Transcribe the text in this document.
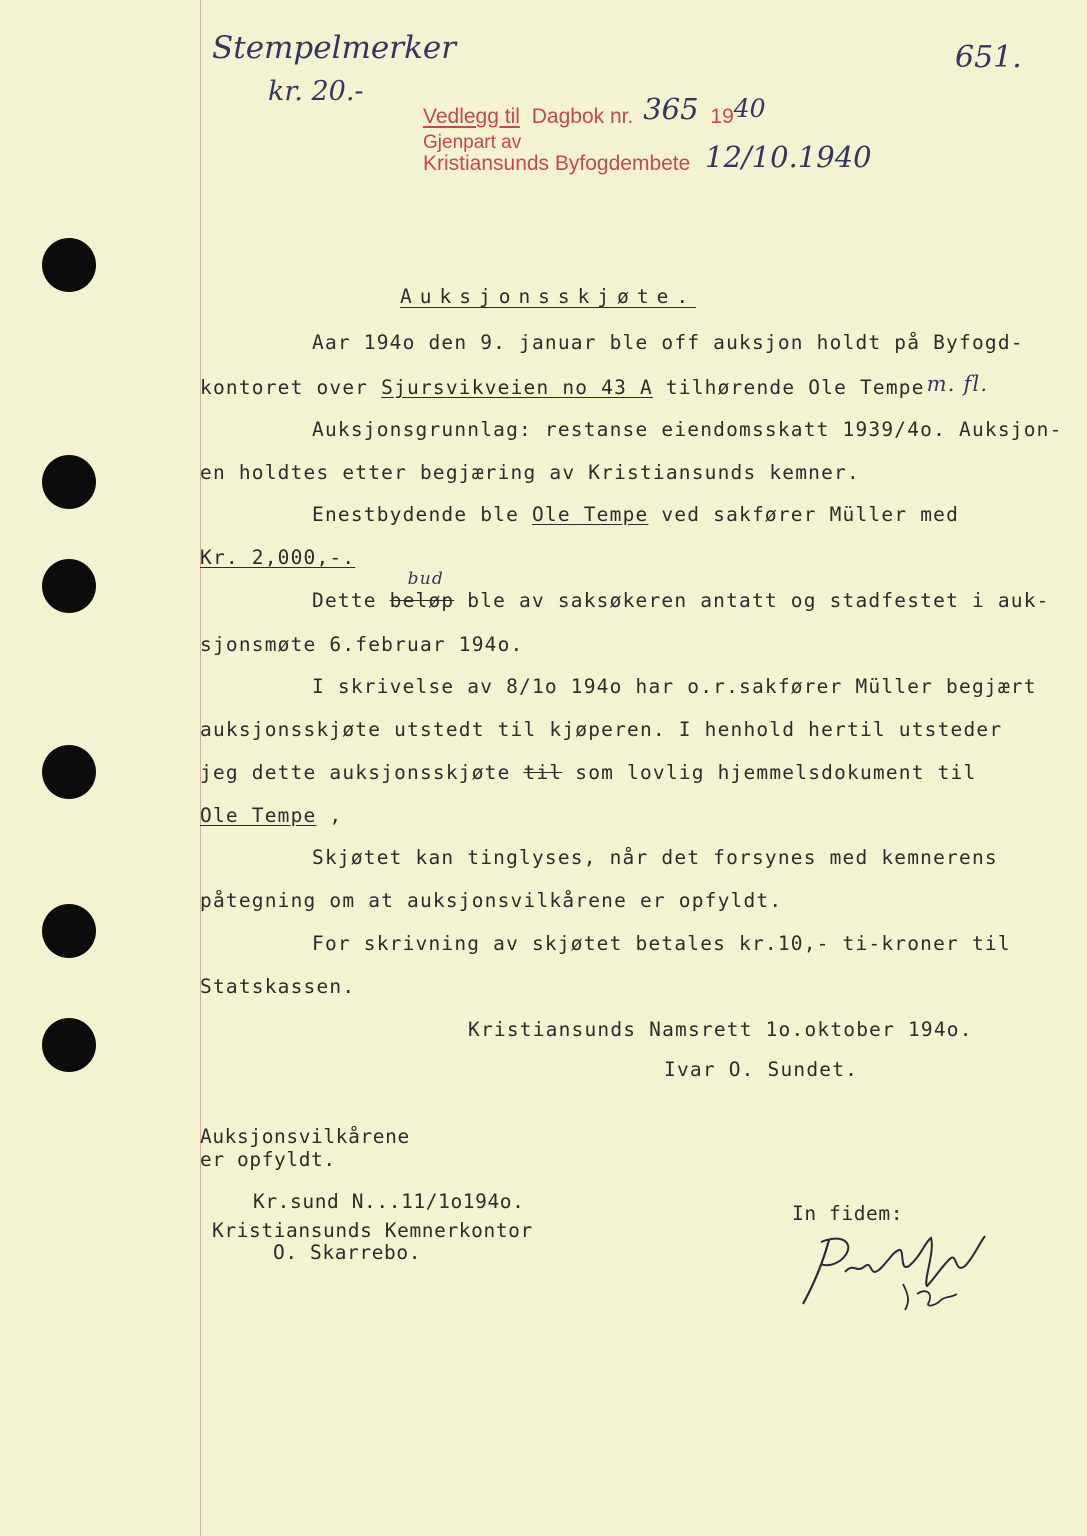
Stempelmerker
kr. 20.-
651.
Vedlegg til Dagbok nr. 365 1940
Gjenpart av
Kristiansunds Byfogdembete 12/10.1940
Auksjonsskjøte.
Aar 194o den 9. januar ble off auksjon holdt på Byfogd-
kontoret over Sjursvikveien no 43 A tilhørende Ole Tempem. fl.
Auksjonsgrunnlag: restanse eiendomsskatt 1939/4o. Auksjon-
en holdtes etter begjæring av Kristiansunds kemner.
Enestbydende ble Ole Tempe ved sakfører Müller med
Kr. 2,000,-.
Dette beløp
bud
ble av saksøkeren antatt og stadfestet i auk-
sjonsmøte 6.februar 194o.
I skrivelse av 8/1o 194o har o.r.sakfører Müller begjært
auksjonsskjøte utstedt til kjøperen. I henhold hertil utsteder
jeg dette auksjonsskjøte til som lovlig hjemmelsdokument til
Ole Tempe ,
Skjøtet kan tinglyses, når det forsynes med kemnerens
påtegning om at auksjonsvilkårene er opfyldt.
For skrivning av skjøtet betales kr.10,- ti-kroner til
Statskassen.
Kristiansunds Namsrett 1o.oktober 194o.
Ivar O. Sundet.
Auksjonsvilkårene
er opfyldt.
Kr.sund N...11/1o194o.
Kristiansunds Kemnerkontor
O. Skarrebo.
In fidem:
